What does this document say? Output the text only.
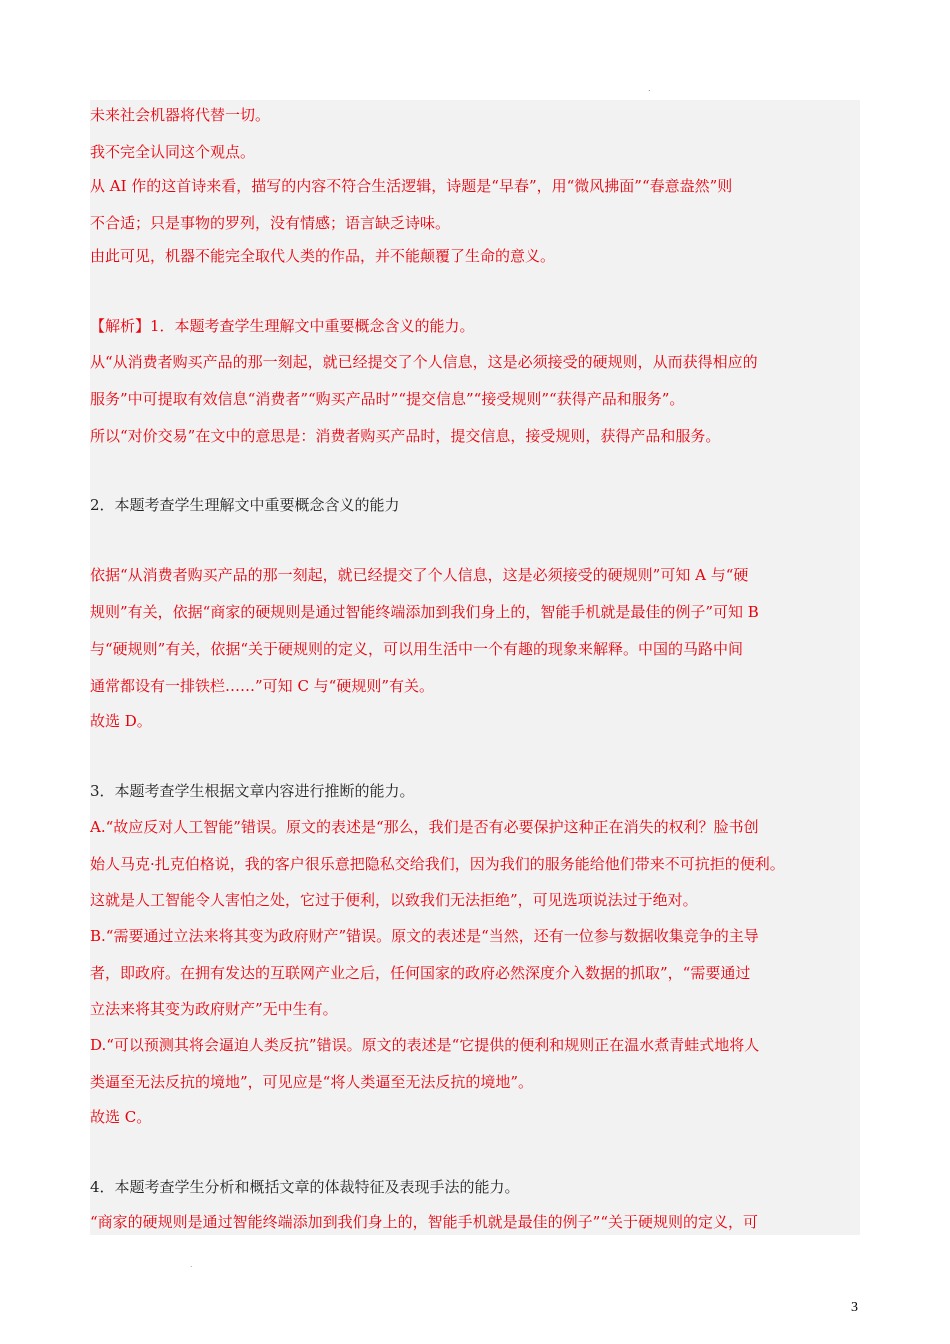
.
未来社会机器将代替一切。
我不完全认同这个观点。
从 AI 作的这首诗来看，描写的内容不符合生活逻辑，诗题是“早春”，用“微风拂面”“春意盎然”则
不合适；只是事物的罗列，没有情感；语言缺乏诗味。
由此可见，机器不能完全取代人类的作品，并不能颠覆了生命的意义。
【解析】1．本题考查学生理解文中重要概念含义的能力。
从“从消费者购买产品的那一刻起，就已经提交了个人信息，这是必须接受的硬规则，从而获得相应的
服务”中可提取有效信息“消费者”“购买产品时”“提交信息”“接受规则”“获得产品和服务”。
所以“对价交易”在文中的意思是：消费者购买产品时，提交信息，接受规则，获得产品和服务。
2．本题考查学生理解文中重要概念含义的能力
依据“从消费者购买产品的那一刻起，就已经提交了个人信息，这是必须接受的硬规则”可知 A 与“硬
规则”有关，依据“商家的硬规则是通过智能终端添加到我们身上的，智能手机就是最佳的例子”可知 B
与“硬规则”有关，依据“关于硬规则的定义，可以用生活中一个有趣的现象来解释。中国的马路中间
通常都设有一排铁栏……”可知 C 与“硬规则”有关。
故选 D。
3．本题考查学生根据文章内容进行推断的能力。
A.“故应反对人工智能”错误。原文的表述是“那么，我们是否有必要保护这种正在消失的权利？脸书创
始人马克·扎克伯格说，我的客户很乐意把隐私交给我们，因为我们的服务能给他们带来不可抗拒的便利。
这就是人工智能令人害怕之处，它过于便利，以致我们无法拒绝”，可见选项说法过于绝对。
B.“需要通过立法来将其变为政府财产”错误。原文的表述是“当然，还有一位参与数据收集竞争的主导
者，即政府。在拥有发达的互联网产业之后，任何国家的政府必然深度介入数据的抓取”，“需要通过
立法来将其变为政府财产”无中生有。
D.“可以预测其将会逼迫人类反抗”错误。原文的表述是“它提供的便利和规则正在温水煮青蛙式地将人
类逼至无法反抗的境地”，可见应是“将人类逼至无法反抗的境地”。
故选 C。
4．本题考查学生分析和概括文章的体裁特征及表现手法的能力。
“商家的硬规则是通过智能终端添加到我们身上的，智能手机就是最佳的例子”“关于硬规则的定义，可
.
3
